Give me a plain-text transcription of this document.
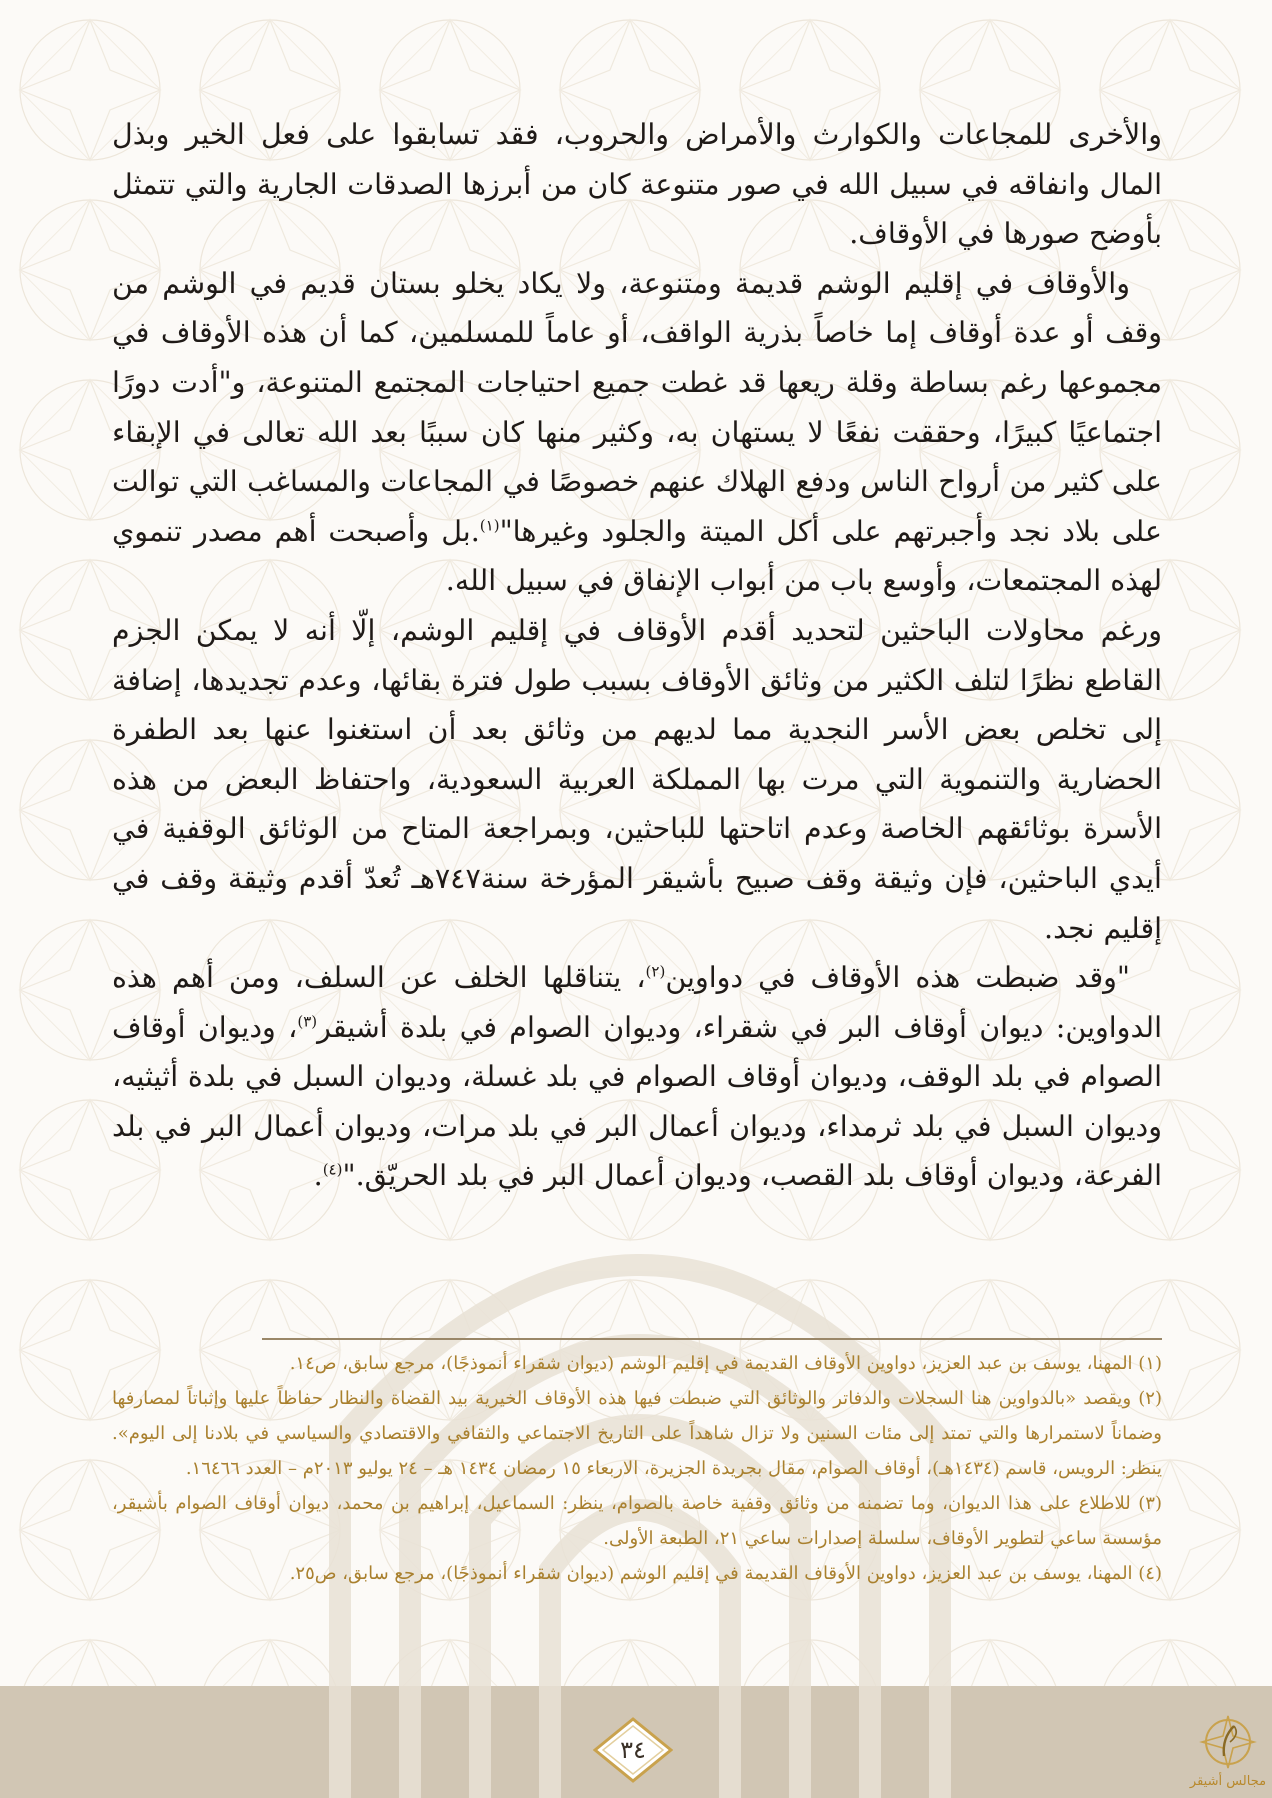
والأخرى للمجاعات والكوارث والأمراض والحروب، فقد تسابقوا على فعل الخير وبذل المال وانفاقه في سبيل الله في صور متنوعة كان من أبرزها الصدقات الجارية والتي تتمثل بأوضح صورها في الأوقاف.

والأوقاف في إقليم الوشم قديمة ومتنوعة، ولا يكاد يخلو بستان قديم في الوشم من وقف أو عدة أوقاف إما خاصاً بذرية الواقف، أو عاماً للمسلمين، كما أن هذه الأوقاف في مجموعها رغم بساطة وقلة ريعها قد غطت جميع احتياجات المجتمع المتنوعة، و"أدت دورًا اجتماعيًا كبيرًا، وحققت نفعًا لا يستهان به، وكثير منها كان سببًا بعد الله تعالى في الإبقاء على كثير من أرواح الناس ودفع الهلاك عنهم خصوصًا في المجاعات والمساغب التي توالت على بلاد نجد وأجبرتهم على أكل الميتة والجلود وغيرها"$^{(١)}$.بل وأصبحت أهم مصدر تنموي لهذه المجتمعات، وأوسع باب من أبواب الإنفاق في سبيل الله.

ورغم محاولات الباحثين لتحديد أقدم الأوقاف في إقليم الوشم، إلّا أنه لا يمكن الجزم القاطع نظرًا لتلف الكثير من وثائق الأوقاف بسبب طول فترة بقائها، وعدم تجديدها، إضافة إلى تخلص بعض الأسر النجدية مما لديهم من وثائق بعد أن استغنوا عنها بعد الطفرة الحضارية والتنموية التي مرت بها المملكة العربية السعودية، واحتفاظ البعض من هذه الأسرة بوثائقهم الخاصة وعدم اتاحتها للباحثين، وبمراجعة المتاح من الوثائق الوقفية في أيدي الباحثين، فإن وثيقة وقف صبيح بأشيقر المؤرخة سنة٧٤٧هـ تُعدّ أقدم وثيقة وقف في إقليم نجد.

"وقد ضبطت هذه الأوقاف في دواوين$^{(٢)}$، يتناقلها الخلف عن السلف، ومن أهم هذه الدواوين: ديوان أوقاف البر في شقراء، وديوان الصوام في بلدة أشيقر$^{(٣)}$، وديوان أوقاف الصوام في بلد الوقف، وديوان أوقاف الصوام في بلد غسلة، وديوان السبل في بلدة أثيثيه، وديوان السبل في بلد ثرمداء، وديوان أعمال البر في بلد مرات، وديوان أعمال البر في بلد الفرعة، وديوان أوقاف بلد القصب، وديوان أعمال البر في بلد الحريّق."$^{(٤)}$.

(١) المهنا، يوسف بن عبد العزيز، دواوين الأوقاف القديمة في إقليم الوشم (ديوان شقراء أنموذجًا)، مرجع سابق، ص١٤.

(٢) ويقصد «بالدواوين هنا السجلات والدفاتر والوثائق التي ضبطت فيها هذه الأوقاف الخيرية بيد القضاة والنظار حفاظاً عليها وإثباتاً لمصارفها وضماناً لاستمرارها والتي تمتد إلى مئات السنين ولا تزال شاهداً على التاريخ الاجتماعي والثقافي والاقتصادي والسياسي في بلادنا إلى اليوم». ينظر: الرويس، قاسم (١٤٣٤هـ)، أوقاف الصوام، مقال بجريدة الجزيرة، الاربعاء ١٥ رمضان ١٤٣٤ هـ – ٢٤ يوليو ٢٠١٣م – العدد ١٦٤٦٦.

(٣) للاطلاع على هذا الديوان، وما تضمنه من وثائق وقفية خاصة بالصوام، ينظر: السماعيل، إبراهيم بن محمد، ديوان أوقاف الصوام بأشيقر، مؤسسة ساعي لتطوير الأوقاف، سلسلة إصدارات ساعي ٢١، الطبعة الأولى.

(٤) المهنا، يوسف بن عبد العزيز، دواوين الأوقاف القديمة في إقليم الوشم (ديوان شقراء أنموذجًا)، مرجع سابق، ص٢٥.

٣٤
مجالس أشيقر
